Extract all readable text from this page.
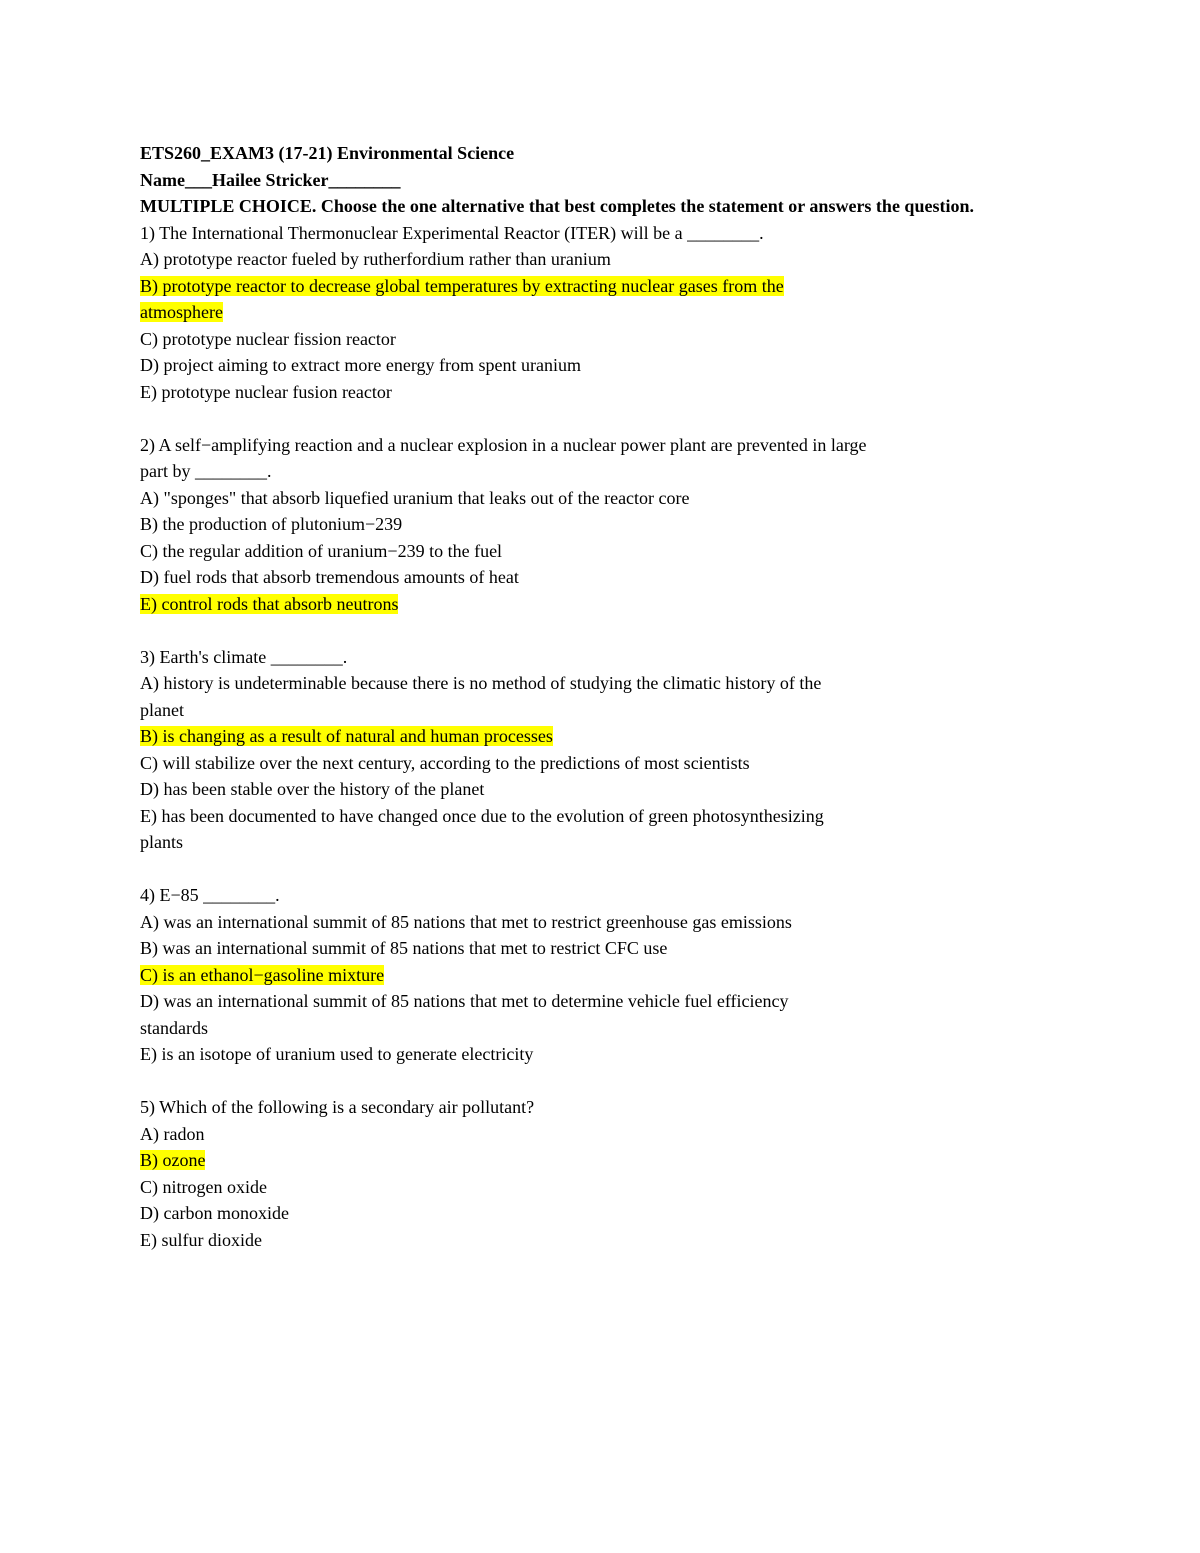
ETS260_EXAM3 (17-21) Environmental Science
Name___Hailee Stricker________
MULTIPLE CHOICE. Choose the one alternative that best completes the statement or answers the question.
1) The International Thermonuclear Experimental Reactor (ITER) will be a ________.
A) prototype reactor fueled by rutherfordium rather than uranium
B) prototype reactor to decrease global temperatures by extracting nuclear gases from the
atmosphere
C) prototype nuclear fission reactor
D) project aiming to extract more energy from spent uranium
E) prototype nuclear fusion reactor
2) A self−amplifying reaction and a nuclear explosion in a nuclear power plant are prevented in large
part by ________.
A) "sponges" that absorb liquefied uranium that leaks out of the reactor core
B) the production of plutonium−239
C) the regular addition of uranium−239 to the fuel
D) fuel rods that absorb tremendous amounts of heat
E) control rods that absorb neutrons
3) Earth's climate ________.
A) history is undeterminable because there is no method of studying the climatic history of the
planet
B) is changing as a result of natural and human processes
C) will stabilize over the next century, according to the predictions of most scientists
D) has been stable over the history of the planet
E) has been documented to have changed once due to the evolution of green photosynthesizing
plants
4) E−85 ________.
A) was an international summit of 85 nations that met to restrict greenhouse gas emissions
B) was an international summit of 85 nations that met to restrict CFC use
C) is an ethanol−gasoline mixture
D) was an international summit of 85 nations that met to determine vehicle fuel efficiency
standards
E) is an isotope of uranium used to generate electricity
5) Which of the following is a secondary air pollutant?
A) radon
B) ozone
C) nitrogen oxide
D) carbon monoxide
E) sulfur dioxide
